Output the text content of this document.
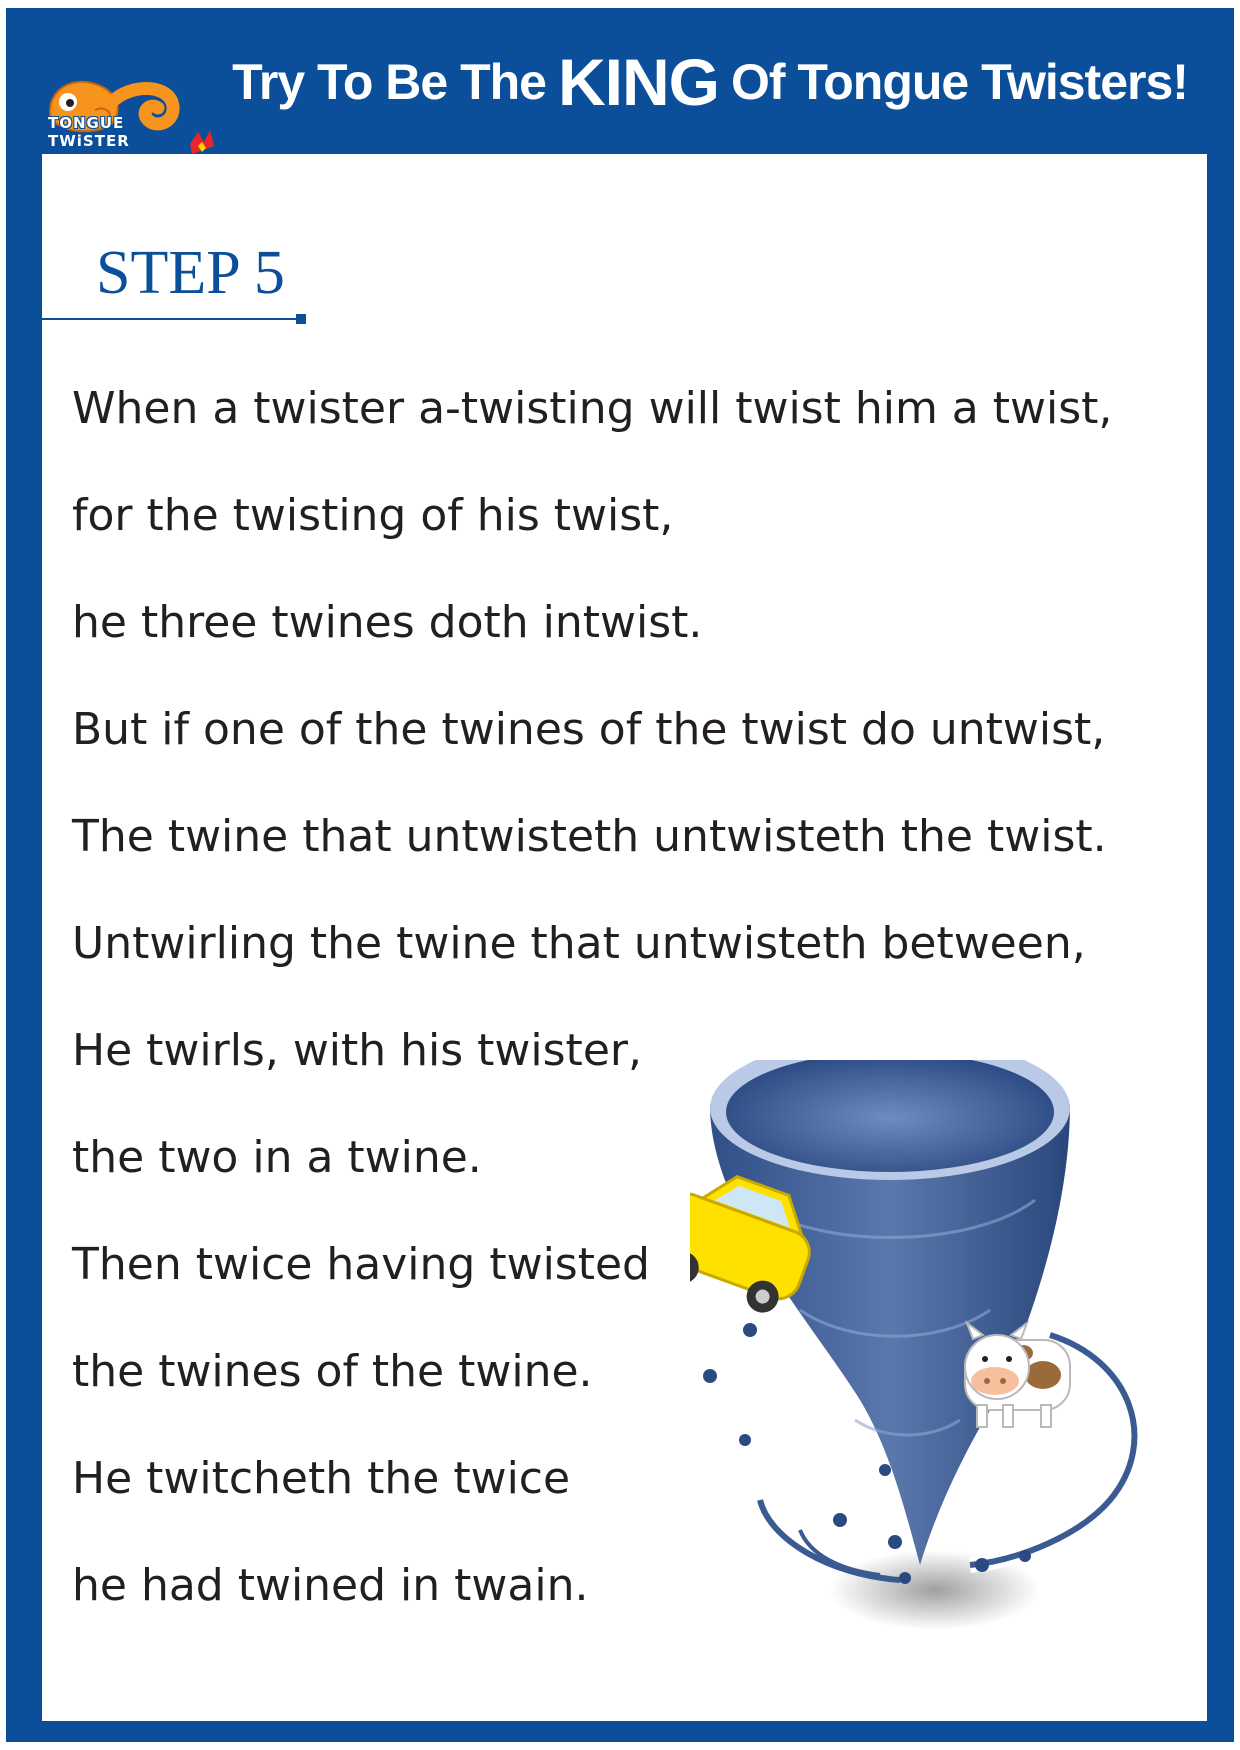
Try To Be The KING Of Tongue Twisters!
TONGUE
TWiSTER
STEP 5
When a twister a-twisting will twist him a twist,
for the twisting of his twist,
he three twines doth intwist.
But if one of the twines of the twist do untwist,
The twine that untwisteth untwisteth the twist.
Untwirling the twine that untwisteth between,
He twirls, with his twister,
the two in a twine.
Then twice having twisted
the twines of the twine.
He twitcheth the twice
he had twined in twain.
